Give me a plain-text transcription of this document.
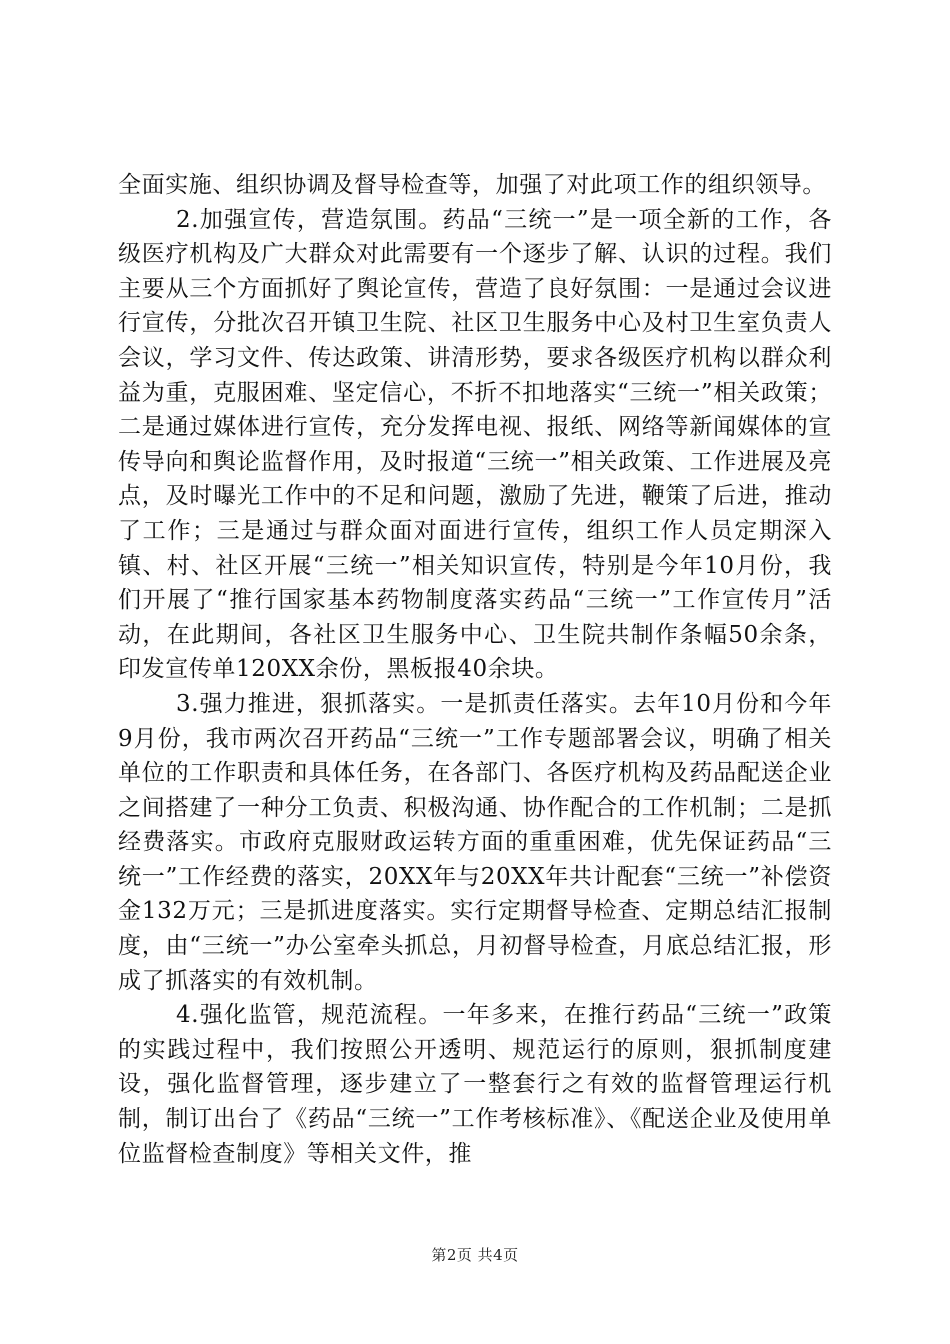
全面实施、组织协调及督导检查等，加强了对此项工作的组织领导。

2.加强宣传，营造氛围。药品“三统一”是一项全新的工作，各级医疗机构及广大群众对此需要有一个逐步了解、认识的过程。我们主要从三个方面抓好了舆论宣传，营造了良好氛围：一是通过会议进行宣传，分批次召开镇卫生院、社区卫生服务中心及村卫生室负责人会议，学习文件、传达政策、讲清形势，要求各级医疗机构以群众利益为重，克服困难、坚定信心，不折不扣地落实“三统一”相关政策；二是通过媒体进行宣传，充分发挥电视、报纸、网络等新闻媒体的宣传导向和舆论监督作用，及时报道“三统一”相关政策、工作进展及亮点，及时曝光工作中的不足和问题，激励了先进，鞭策了后进，推动了工作；三是通过与群众面对面进行宣传，组织工作人员定期深入镇、村、社区开展“三统一”相关知识宣传，特别是今年10月份，我们开展了“推行国家基本药物制度落实药品“三统一”工作宣传月”活动，在此期间，各社区卫生服务中心、卫生院共制作条幅50余条，印发宣传单120XX余份，黑板报40余块。

3.强力推进，狠抓落实。一是抓责任落实。去年10月份和今年9月份，我市两次召开药品“三统一”工作专题部署会议，明确了相关单位的工作职责和具体任务，在各部门、各医疗机构及药品配送企业之间搭建了一种分工负责、积极沟通、协作配合的工作机制；二是抓经费落实。市政府克服财政运转方面的重重困难，优先保证药品“三统一”工作经费的落实，20XX年与20XX年共计配套“三统一”补偿资金132万元；三是抓进度落实。实行定期督导检查、定期总结汇报制度，由“三统一”办公室牵头抓总，月初督导检查，月底总结汇报，形成了抓落实的有效机制。

4.强化监管，规范流程。一年多来，在推行药品“三统一”政策的实践过程中，我们按照公开透明、规范运行的原则，狠抓制度建设，强化监督管理，逐步建立了一整套行之有效的监督管理运行机制，制订出台了《药品“三统一”工作考核标准》、《配送企业及使用单位监督检查制度》等相关文件，推

第2页 共4页
